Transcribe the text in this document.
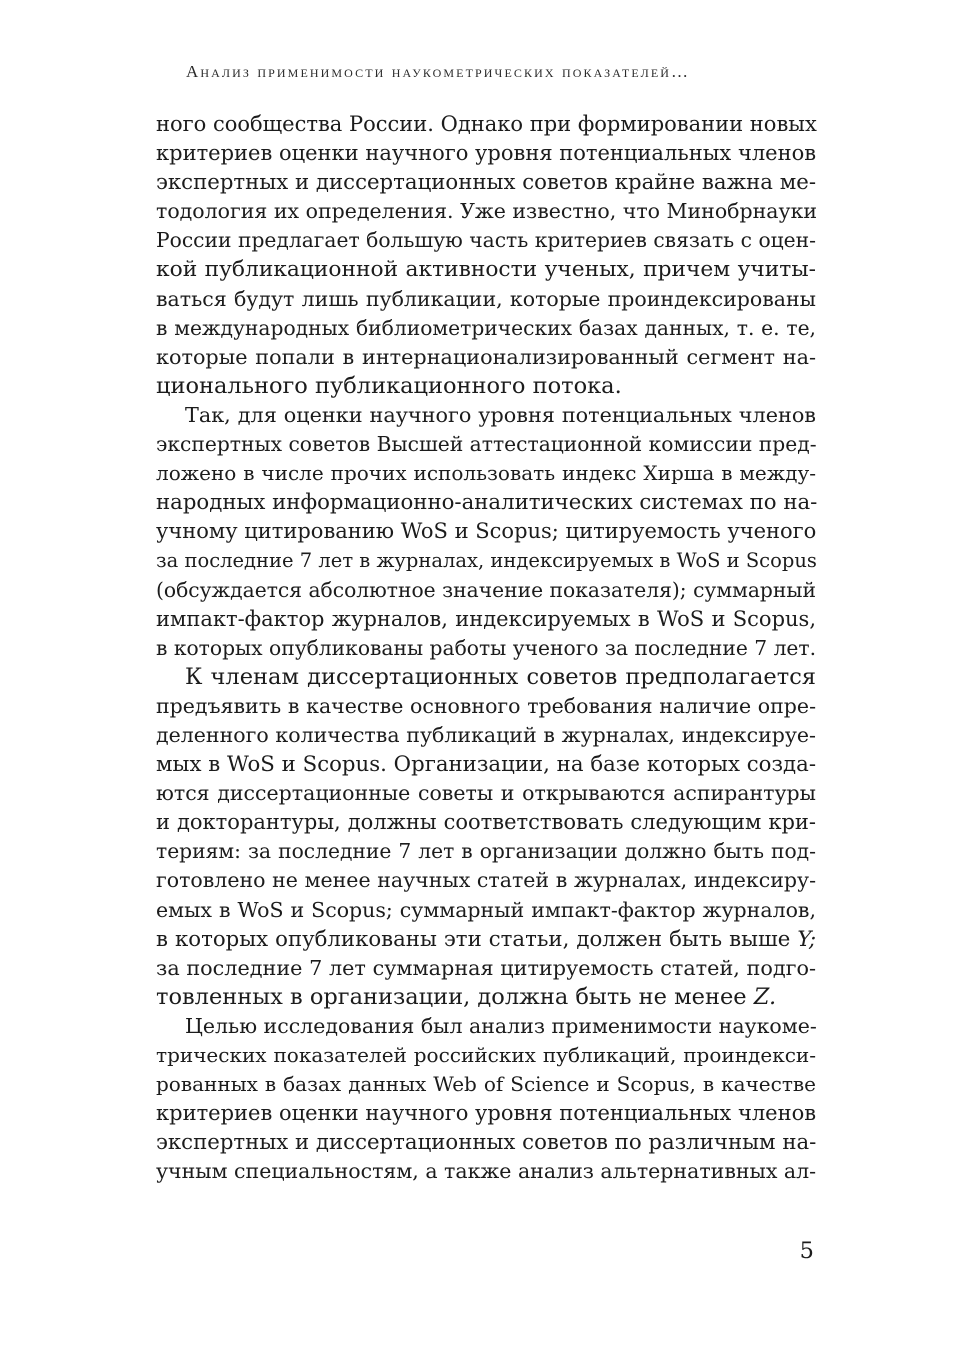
Анализ применимости наукометрических показателей…
ного сообщества России. Однако при формировании новых
критериев оценки научного уровня потенциальных членов
экспертных и диссертационных советов крайне важна ме-
тодология их определения. Уже известно, что Минобрнауки
России предлагает большую часть критериев связать с оцен-
кой публикационной активности ученых, причем учиты-
ваться будут лишь публикации, которые проиндексированы
в международных библиометрических базах данных, т. е. те,
которые попали в интернационализированный сегмент на-
ционального публикационного потока.
Так, для оценки научного уровня потенциальных членов
экспертных советов Высшей аттестационной комиссии пред-
ложено в числе прочих использовать индекс Хирша в между-
народных информационно-аналитических системах по на-
учному цитированию WoS и Scopus; цитируемость ученого
за последние 7 лет в журналах, индексируемых в WoS и Scopus
(обсуждается абсолютное значение показателя); суммарный
импакт-фактор журналов, индексируемых в WoS и Scopus,
в которых опубликованы работы ученого за последние 7 лет.
К членам диссертационных советов предполагается
предъявить в качестве основного требования наличие опре-
деленного количества публикаций в журналах, индексируе-
мых в WoS и Scopus. Организации, на базе которых созда-
ются диссертационные советы и открываются аспирантуры
и докторантуры, должны соответствовать следующим кри-
териям: за последние 7 лет в организации должно быть под-
готовлено не менее научных статей в журналах, индексиру-
емых в WoS и Scopus; суммарный импакт-фактор журналов,
в которых опубликованы эти статьи, должен быть выше Y;
за последние 7 лет суммарная цитируемость статей, подго-
товленных в организации, должна быть не менее Z.
Целью исследования был анализ применимости наукоме-
трических показателей российских публикаций, проиндекси-
рованных в базах данных Web of Science и Scopus, в качестве
критериев оценки научного уровня потенциальных членов
экспертных и диссертационных советов по различным на-
учным специальностям, а также анализ альтернативных ал-
5
